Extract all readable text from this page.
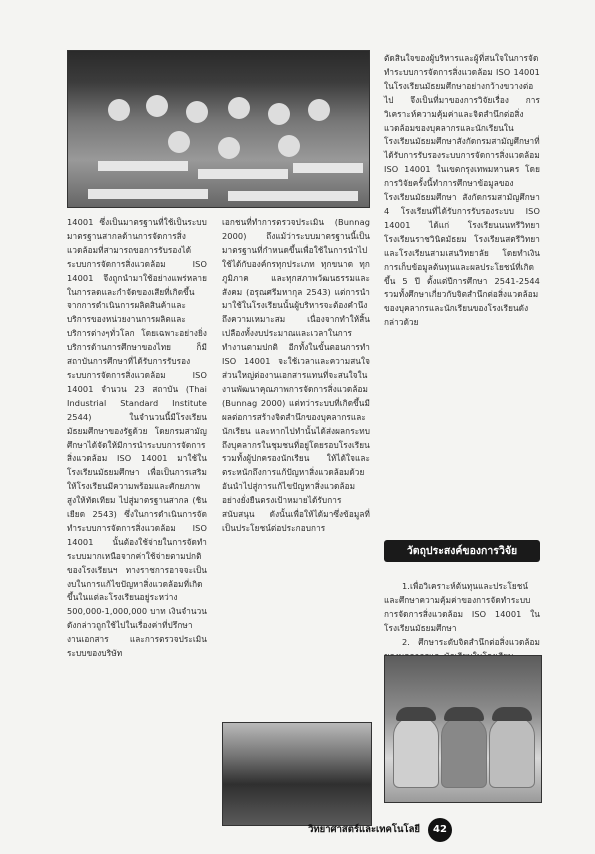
14001 ซึ่งเป็นมาตรฐานที่ใช้เป็นระบบมาตรฐานสากลด้านการจัดการสิ่งแวดล้อมที่สามารถขอการรับรองได้ ระบบการจัดการสิ่งแวดล้อม ISO 14001 จึงถูกนำมาใช้อย่างแพร่หลายในการลดและกำจัดของเสียที่เกิดขึ้นจากการดำเนินการผลิตสินค้าและบริการของหน่วยงานการผลิตและบริการต่างๆทั่วโลก โดยเฉพาะอย่างยิ่งบริการด้านการศึกษาของไทย ก็มีสถาบันการศึกษาที่ได้รับการรับรองระบบการจัดการสิ่งแวดล้อม ISO 14001 จำนวน 23 สถาบัน (Thai Industrial Standard Institute 2544) ในจำนวนนี้มีโรงเรียนมัธยมศึกษาของรัฐด้วย โดยกรมสามัญศึกษาได้จัดให้มีการนำระบบการจัดการสิ่งแวดล้อม ISO 14001 มาใช้ในโรงเรียนมัธยมศึกษา เพื่อเป็นการเสริมให้โรงเรียนมีความพร้อมและศักยภาพสูงให้ทัดเทียม ไปสู่มาตรฐานสากล (ชินเยียด 2543) ซึ่งในการดำเนินการจัดทำระบบการจัดการสิ่งแวดล้อม ISO 14001 นั้นต้องใช้จ่ายในการจัดทำระบบมากเหนือจากค่าใช้จ่ายตามปกติของโรงเรียนฯ ทางราชการอาจจะเป็นงบในการแก้ไขปัญหาสิ่งแวดล้อมที่เกิดขึ้นในแต่ละโรงเรียนอยู่ระหว่าง 500,000-1,000,000 บาท เงินจำนวนดังกล่าวถูกใช้ไปในเรื่องค่าที่ปรึกษา งานเอกสาร และการตรวจประเมินระบบของบริษัท

เอกชนที่ทำการตรวจประเมิน (Bunnag 2000) ถึงแม้ว่าระบบมาตรฐานนี้เป็นมาตรฐานที่กำหนดขึ้นเพื่อใช้ในการนำไปใช้ได้กับองค์กรทุกประเภท ทุกขนาด ทุกภูมิภาค และทุกสภาพวัฒนธรรมและสังคม (อรุณศรีมหากุล 2543) แต่การนำมาใช้ในโรงเรียนนั้นผู้บริหารจะต้องคำนึงถึงความเหมาะสม เนื่องจากทำให้สิ้นเปลืองทั้งงบประมาณและเวลาในการทำงานตามปกติ อีกทั้งในขั้นตอนการทำ ISO 14001 จะใช้เวลาและความสนใจส่วนใหญ่ต่องานเอกสารแทนที่จะสนใจในงานพัฒนาคุณภาพการจัดการสิ่งแวดล้อม (Bunnag 2000) แต่ทว่าระบบที่เกิดขึ้นมีผลต่อการสร้างจิตสำนึกของบุคลากรและนักเรียน และหากไปทำนั้นได้ส่งผลกระทบถึงบุคลากรในชุมชนที่อยู่โดยรอบโรงเรียนรวมทั้งผู้ปกครองนักเรียน ให้ได้ใจและตระหนักถึงการแก้ปัญหาสิ่งแวดล้อมด้วย อันนำไปสู่การแก้ไขปัญหาสิ่งแวดล้อมอย่างยั่งยืนตรงเป้าหมายได้รับการสนับสนุน ดังนั้นเพื่อให้ได้มาซึ่งข้อมูลที่เป็นประโยชน์ต่อประกอบการ

ตัดสินใจของผู้บริหารและผู้ที่สนใจในการจัดทำระบบการจัดการสิ่งแวดล้อม ISO 14001 ในโรงเรียนมัธยมศึกษาอย่างกว้างขวางต่อไป จึงเป็นที่มาของการวิจัยเรื่อง การวิเคราะห์ความคุ้มค่าและจิตสำนึกต่อสิ่งแวดล้อมของบุคลากรและนักเรียนในโรงเรียนมัธยมศึกษาสังกัดกรมสามัญศึกษาที่ได้รับการรับรองระบบการจัดการสิ่งแวดล้อม ISO 14001 ในเขตกรุงเทพมหานคร โดยการวิจัยครั้งนี้ทำการศึกษาข้อมูลของโรงเรียนมัธยมศึกษา สังกัดกรมสามัญศึกษา 4 โรงเรียนที่ได้รับการรับรองระบบ ISO 14001 ได้แก่ โรงเรียนนนทรีวิทยา โรงเรียนราชวินิตมัธยม โรงเรียนสตรีวิทยา และโรงเรียนสามเสนวิทยาลัย โดยทำเงินการเก็บข้อมูลต้นทุนและผลประโยชน์ที่เกิดขึ้น 5 ปี ตั้งแต่ปีการศึกษา 2541-2544 รวมทั้งศึกษาเกี่ยวกับจิตสำนึกต่อสิ่งแวดล้อมของบุคลากรและนักเรียนของโรงเรียนดังกล่าวด้วย

วัตถุประสงค์ของการวิจัย

1.เพื่อวิเคราะห์ต้นทุนและประโยชน์และศึกษาความคุ้มค่าของการจัดทำระบบการจัดการสิ่งแวดล้อม ISO 14001 ในโรงเรียนมัธยมศึกษา

2. ศึกษาระดับจิตสำนึกต่อสิ่งแวดล้อม

วิทยาศาสตร์และเทคโนโลยี	42
